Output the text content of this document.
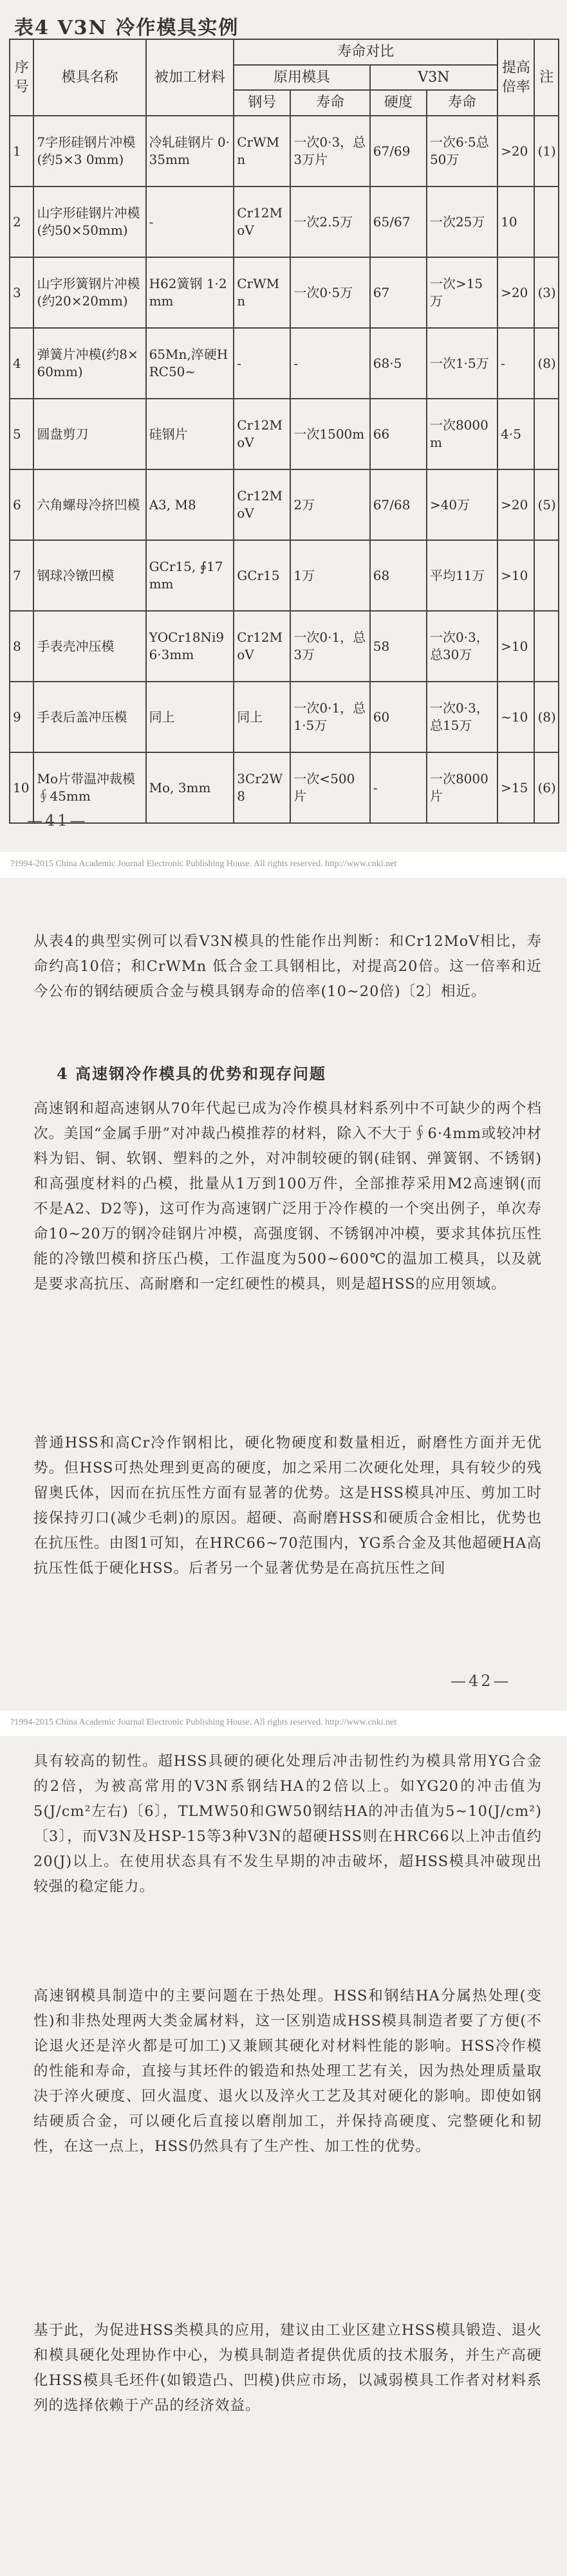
表4 V3N 冷作模具实例
序号	模具名称	被加工材料	寿命对比				提高倍率	注
			原用模具		V3N			
			钢号	寿命	硬度	寿命		
1	7字形硅钢片冲模(约5×3 0mm)	冷轧硅钢片 0·35mm	CrWMn	一次0·3，总3万片	67/69	一次6·5总50万	>20	(1)
2	山字形硅钢片冲模(约50×50mm)	-	Cr12MoV	一次2.5万	65/67	一次25万	10	
3	山字形簧钢片冲模(约20×20mm)	H62簧钢 1·2mm	CrWMn	一次0·5万	67	一次>15万	>20	(3)
4	弹簧片冲模(约8×60mm)	65Mn,淬硬HRC50~	-	-	68·5	一次1·5万	-	(8)
5	圆盘剪刀	硅钢片	Cr12MoV	一次1500m	66	一次8000m	4·5	
6	六角螺母冷挤凹模	A3, M8	Cr12MoV	2万	67/68	>40万	>20	(5)
7	钢球冷镦凹模	GCr15, ∮17mm	GCr15	1万	68	平均11万	>10	
8	手表壳冲压模	YOCr18Ni9 6·3mm	Cr12MoV	一次0·1，总3万	58	一次0·3，总30万	>10	
9	手表后盖冲压模	同上	同上	一次0·1，总1·5万	60	一次0·3，总15万	~10	(8)
10	Mo片带温冲裁模 ∮45mm	Mo, 3mm	3Cr2W8	一次<500片	-	一次8000片	>15	(6)
—41—
?1994-2015 China Academic Journal Electronic Publishing House. All rights reserved. http://www.cnki.net
从表4的典型实例可以看V3N模具的性能作出判断：和Cr12MoV相比，寿命约高10倍；和CrWMn 低合金工具钢相比，对提高20倍。这一倍率和近今公布的钢结硬质合金与模具钢寿命的倍率(10~20倍)〔2〕相近。
4 高速钢冷作模具的优势和现存问题
高速钢和超高速钢从70年代起已成为冷作模具材料系列中不可缺少的两个档次。美国“金属手册”对冲裁凸模推荐的材料，除入不大于∮6·4mm或较冲材料为铝、铜、软钢、塑料的之外，对冲制较硬的钢(硅钢、弹簧钢、不锈钢)和高强度材料的凸模，批量从1万到100万件，全部推荐采用M2高速钢(而不是A2、D2等)，这可作为高速钢广泛用于冷作模的一个突出例子，单次寿命10~20万的钢冷硅钢片冲模，高强度钢、不锈钢冲冲模，要求其体抗压性能的冷镦凹模和挤压凸模，工作温度为500~600℃的温加工模具，以及就是要求高抗压、高耐磨和一定红硬性的模具，则是超HSS的应用领域。
普通HSS和高Cr冷作钢相比，硬化物硬度和数量相近，耐磨性方面并无优势。但HSS可热处理到更高的硬度，加之采用二次硬化处理，具有较少的残留奥氏体，因而在抗压性方面有显著的优势。这是HSS模具冲压、剪加工时接保持刃口(减少毛刺)的原因。超硬、高耐磨HSS和硬质合金相比，优势也在抗压性。由图1可知，在HRC66~70范围内，YG系合金及其他超硬HA高抗压性低于硬化HSS。后者另一个显著优势是在高抗压性之间
—42—
?1994-2015 China Academic Journal Electronic Publishing House. All rights reserved. http://www.cnki.net
具有较高的韧性。超HSS具硬的硬化处理后冲击韧性约为模具常用YG合金的2倍，为被高常用的V3N系钢结HA的2倍以上。如YG20的冲击值为5(J/cm²左右)〔6〕，TLMW50和GW50钢结HA的冲击值为5~10(J/cm²)〔3〕，而V3N及HSP-15等3种V3N的超硬HSS则在HRC66以上冲击值约20(J)以上。在使用状态具有不发生早期的冲击破坏，超HSS模具冲破现出较强的稳定能力。
高速钢模具制造中的主要问题在于热处理。HSS和钢结HA分属热处理(变性)和非热处理两大类金属材料，这一区别造成HSS模具制造者要了方便(不论退火还是淬火都是可加工)又兼顾其硬化对材料性能的影响。HSS冷作模的性能和寿命，直接与其坯件的锻造和热处理工艺有关，因为热处理质量取决于淬火硬度、回火温度、退火以及淬火工艺及其对硬化的影响。即使如钢结硬质合金，可以硬化后直接以磨削加工，并保持高硬度、完整硬化和韧性，在这一点上，HSS仍然具有了生产性、加工性的优势。
基于此，为促进HSS类模具的应用，建议由工业区建立HSS模具锻造、退火和模具硬化处理协作中心，为模具制造者提供优质的技术服务，并生产高硬化HSS模具毛坯件(如锻造凸、凹模)供应市场，以减弱模具工作者对材料系列的选择依赖于产品的经济效益。
